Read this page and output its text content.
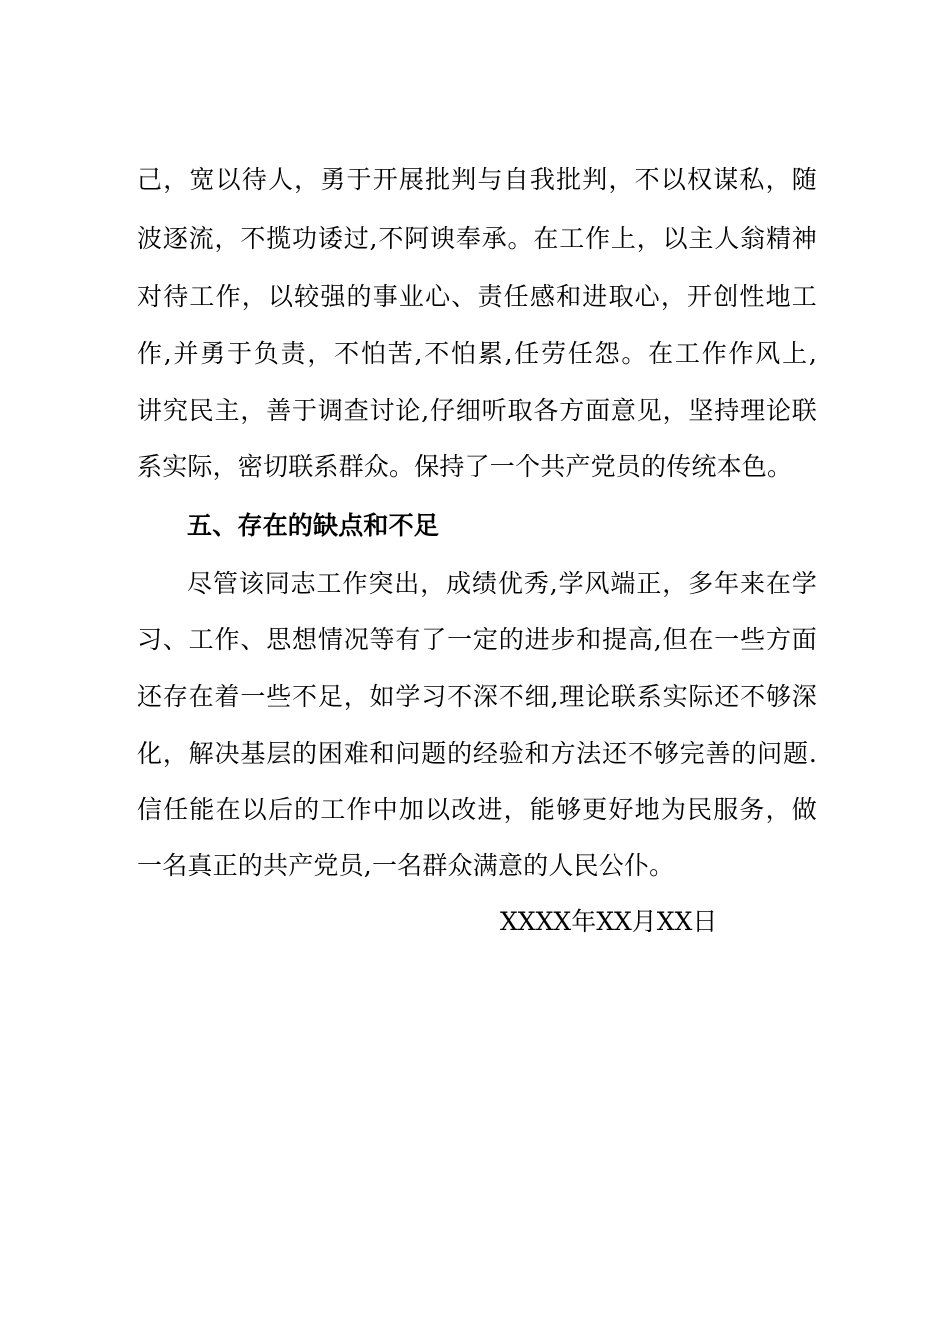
己，宽以待人，勇于开展批判与自我批判，不以权谋私，随
波逐流，不揽功诿过,不阿谀奉承。在工作上，以主人翁精神
对待工作，以较强的事业心、责任感和进取心，开创性地工
作,并勇于负责，不怕苦,不怕累,任劳任怨。在工作作风上,
讲究民主，善于调查讨论,仔细听取各方面意见，坚持理论联
系实际，密切联系群众。保持了一个共产党员的传统本色。
五、存在的缺点和不足
尽管该同志工作突出，成绩优秀,学风端正，多年来在学
习、工作、思想情况等有了一定的进步和提高,但在一些方面
还存在着一些不足，如学习不深不细,理论联系实际还不够深
化，解决基层的困难和问题的经验和方法还不够完善的问题.
信任能在以后的工作中加以改进，能够更好地为民服务，做
一名真正的共产党员,一名群众满意的人民公仆。
XXXX年XX月XX日
